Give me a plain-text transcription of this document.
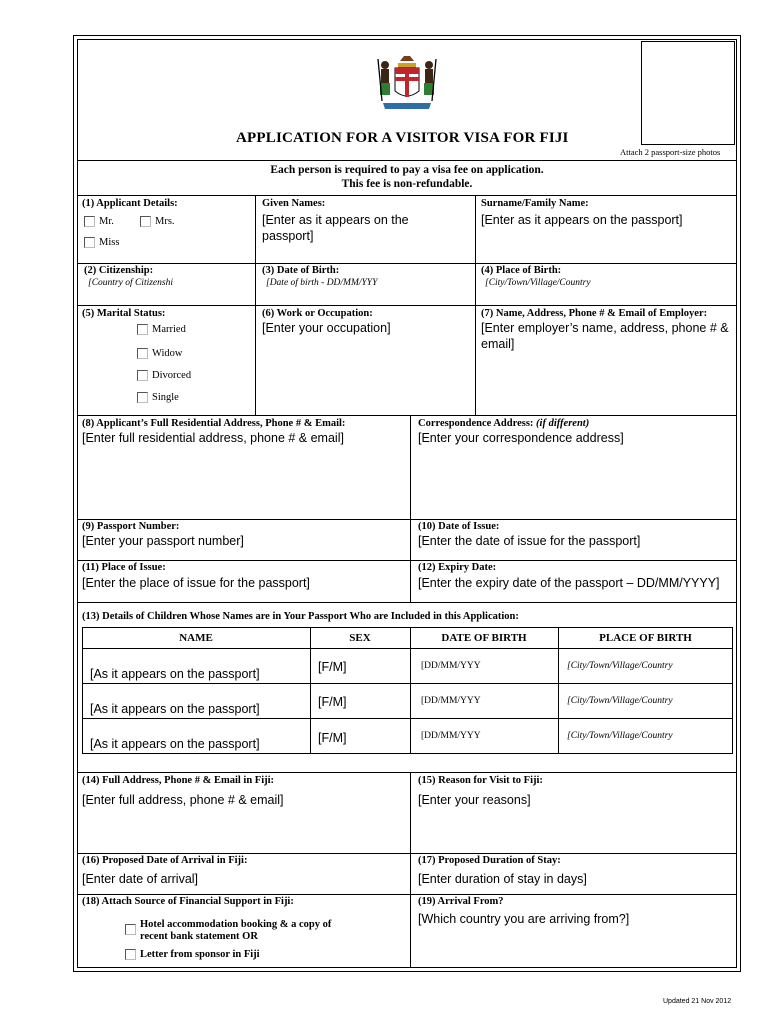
APPLICATION FOR A VISITOR VISA FOR FIJI
Attach 2 passport-size photos
Each person is required to pay a visa fee on application.
This fee is non-refundable.
(1) Applicant Details:
Mr.	Mrs.
Miss
Given Names:
[Enter as it appears on the passport]
Surname/Family Name:
[Enter as it appears on the passport]
(2) Citizenship:
[Country of Citizenshi
(3) Date of Birth:
[Date of birth - DD/MM/YYY
(4) Place of Birth:
[City/Town/Village/Country
(5) Marital Status:
Married
Widow
Divorced
Single
(6) Work or Occupation:
[Enter your occupation]
(7) Name, Address, Phone # & Email of Employer:
[Enter employer’s name, address, phone # & email]
(8) Applicant’s Full Residential Address, Phone # & Email:
[Enter full residential address, phone # & email]
Correspondence Address: (if different)
[Enter your correspondence address]
(9) Passport Number:
[Enter your passport number]
(10) Date of Issue:
[Enter the date of issue for the passport]
(11) Place of Issue:
[Enter the place of issue for the passport]
(12) Expiry Date:
[Enter the expiry date of the passport – DD/MM/YYYY]
(13) Details of Children Whose Names are in Your Passport Who are Included in this Application:
NAME	SEX	DATE OF BIRTH	PLACE OF BIRTH
[As it appears on the passport]	[F/M]	[DD/MM/YYY	[City/Town/Village/Country
[As it appears on the passport]	[F/M]	[DD/MM/YYY	[City/Town/Village/Country
[As it appears on the passport]	[F/M]	[DD/MM/YYY	[City/Town/Village/Country
(14) Full Address, Phone # & Email in Fiji:
[Enter full address, phone # & email]
(15) Reason for Visit to Fiji:
[Enter your reasons]
(16) Proposed Date of Arrival in Fiji:
[Enter date of arrival]
(17) Proposed Duration of Stay:
[Enter duration of stay in days]
(18) Attach Source of Financial Support in Fiji:
Hotel accommodation booking & a copy of
recent bank statement OR
Letter from sponsor in Fiji
(19) Arrival From?
[Which country you are arriving from?]
Updated 21 Nov 2012
